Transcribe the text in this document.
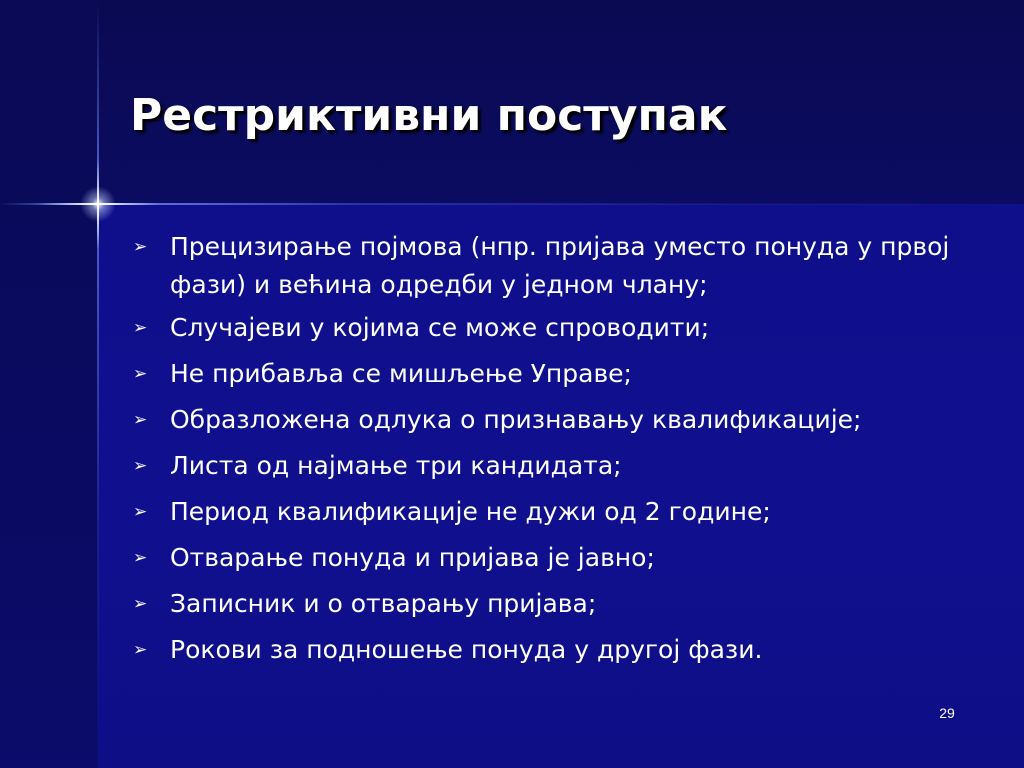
Рестриктивни поступак
➢ Прецизирање појмова (нпр. пријава уместо понуда у првој фази) и већина одредби у једном члану;
➢ Случајеви у којима се може спроводити;
➢ Не прибавља се мишљење Управе;
➢ Образложена одлука о признавању квалификације;
➢ Листа од најмање три кандидата;
➢ Период квалификације не дужи од 2 године;
➢ Отварање понуда и пријава је јавно;
➢ Записник и о отварању пријава;
➢ Рокови за подношење понуда у другој фази.
29
